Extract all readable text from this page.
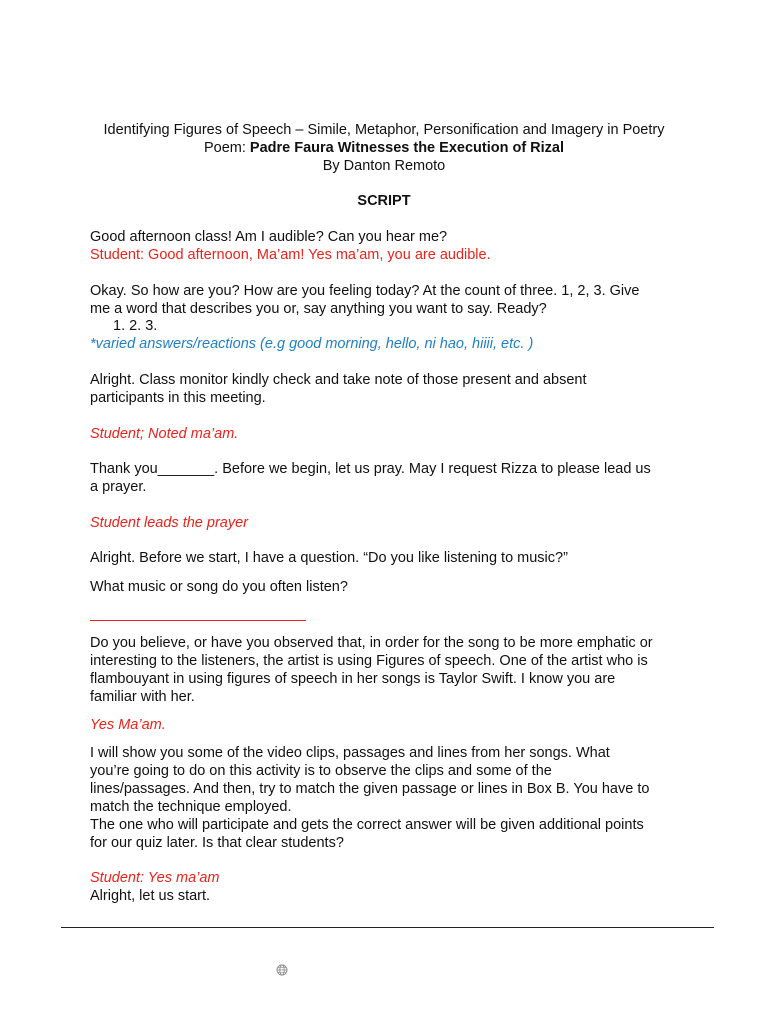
Identifying Figures of Speech – Simile, Metaphor, Personification and Imagery in Poetry
Poem: Padre Faura Witnesses the Execution of Rizal
By Danton Remoto
SCRIPT
Good afternoon class! Am I audible? Can you hear me?
Student: Good afternoon, Ma’am! Yes ma’am, you are audible.

Okay. So how are you? How are you feeling today? At the count of three. 1, 2, 3. Give

me a word that describes you or, say anything you want to say. Ready?

1. 2. 3.
*varied answers/reactions (e.g good morning, hello, ni hao, hiiii, etc. )

Alright. Class monitor kindly check and take note of those present and absent

participants in this meeting.

Student; Noted ma’am.

Thank you_______. Before we begin, let us pray. May I request Rizza to please lead us

a prayer.

Student leads the prayer
Alright. Before we start, I have a question. “Do you like listening to music?”
What music or song do you often listen?

Do you believe, or have you observed that, in order for the song to be more emphatic or

interesting to the listeners, the artist is using Figures of speech. One of the artist who is

flambouyant in using figures of speech in her songs is Taylor Swift. I know you are

familiar with her.

Yes Ma’am.

I will show you some of the video clips, passages and lines from her songs. What

you’re going to do on this activity is to observe the clips and some of the

lines/passages. And then, try to match the given passage or lines in Box B. You have to

match the technique employed.

The one who will participate and gets the correct answer will be given additional points

for our quiz later. Is that clear students?

Student: Yes ma’am
Alright, let us start.
